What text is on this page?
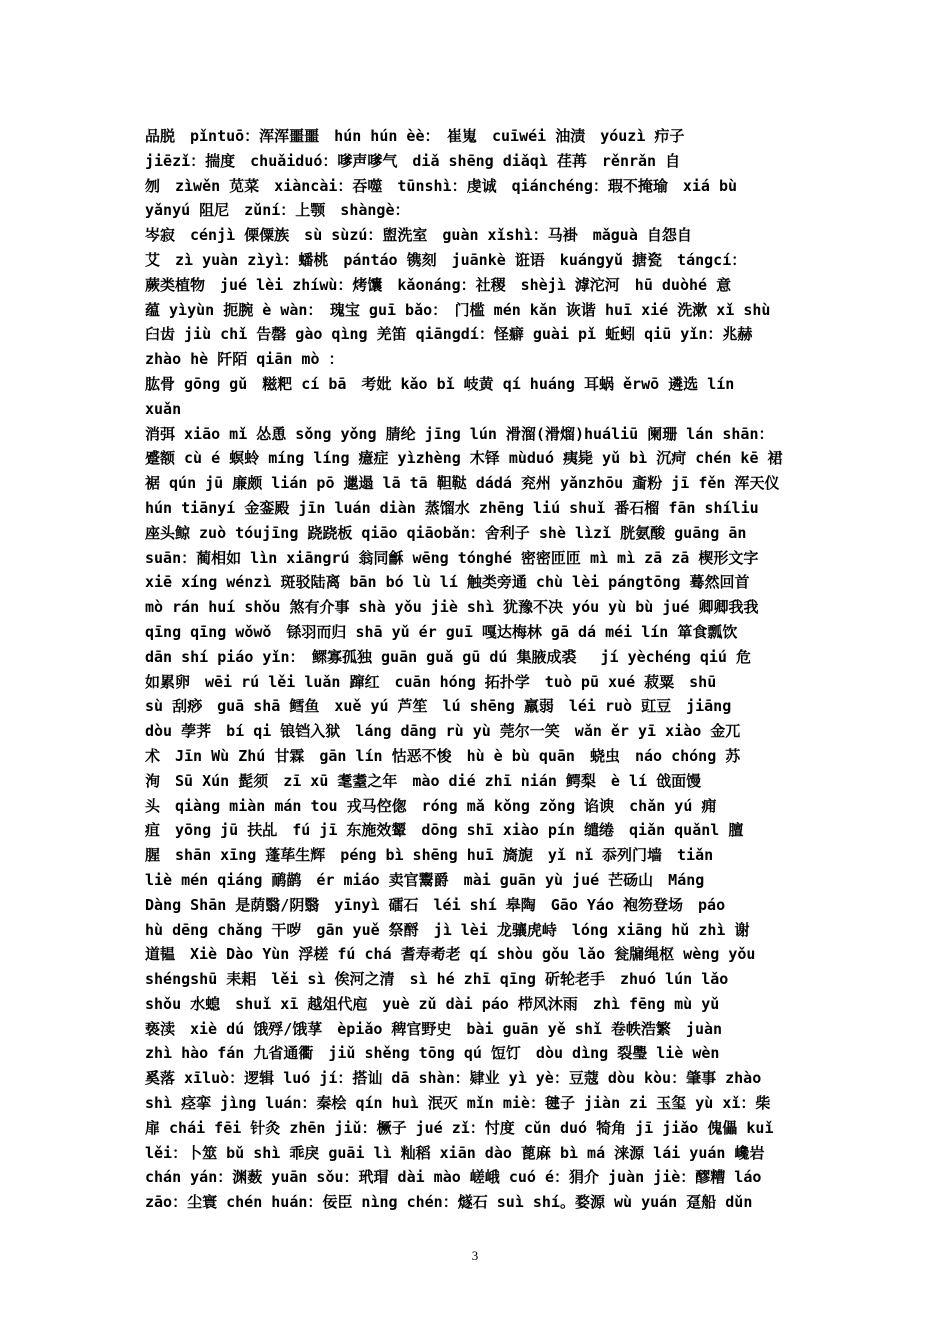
品脱　pǐntuō：浑浑噩噩　hún hún èè：　崔嵬　cuīwéi 油渍　yóuzì 疖子
jiēzǐ：揣度　chuǎiduó：嗲声嗲气　diǎ shēng diǎqì 荏苒　rěnrǎn 自
刎　zìwěn 苋菜　xiàncài：吞噬　tūnshì：虔诚　qiánchéng：瑕不掩瑜　xiá bù
yǎnyú 阻尼　zǔní：上颚　shàngè：
岑寂　cénjì 傈僳族　sù sùzú：盥洗室　guàn xǐshì：马褂　mǎguà 自怨自
艾　zì yuàn zìyì：蟠桃　pántáo 镌刻　juānkè 诳语　kuángyǔ 搪瓷　tángcí：
蕨类植物　jué lèi zhíwù：烤馕　kǎonáng：社稷　shèjì 滹沱河　hū duòhé 意
蕴 yìyùn 扼腕 è wàn：　瑰宝 guī bǎo：　门槛 mén kǎn 诙谐 huī xié 洗漱 xǐ shù
臼齿 jiù chǐ 告罄 gào qìng 羌笛 qiāngdí：怪癖 guài pǐ 蚯蚓 qiū yǐn：兆赫
zhào hè 阡陌 qiān mò ：
肱骨 gōng gǔ　糍粑 cí bā　考妣 kǎo bǐ 岐黄 qí huáng 耳蜗 ěrwō 遴选 lín
xuǎn
消弭 xiāo mǐ 怂恿 sǒng yǒng 腈纶 jīng lún 滑溜(滑熘)huáliū 阑珊 lán shān：
蹙额 cù é 螟蛉 míng líng 癔症 yìzhèng 木铎 mùduó 痍毙 yǔ bì 沉疴 chén kē 裙
裾 qún jū 廉颇 lián pō 邋遢 lā tā 靼鞑 dádá 兖州 yǎnzhōu 齑粉 jī fěn 浑天仪
hún tiānyí 金銮殿 jīn luán diàn 蒸馏水 zhēng liú shuǐ 番石榴 fān shíliu
座头鲸 zuò tóujīng 跷跷板 qiāo qiāobǎn：舍利子 shè lìzǐ 胱氨酸 guāng ān
suān：蔺相如 lìn xiāngrú 翁同龢 wēng tónghé 密密匝匝 mì mì zā zā 楔形文字
xiē xíng wénzì 斑驳陆离 bān bó lù lí 触类旁通 chù lèi pángtōng 蓦然回首
mò rán huí shǒu 煞有介事 shà yǒu jiè shì 犹豫不决 yóu yù bù jué 卿卿我我
qīng qīng wǒwǒ　铩羽而归 shā yǔ ér guī 嘎达梅林 gā dá méi lín 箪食瓢饮
dān shí piáo yǐn：　鳏寡孤独 guān guǎ gū dú 集腋成裘　 jí yèchéng qiú 危
如累卵　wēi rú lěi luǎn 蹿红　cuān hóng 拓扑学　tuò pū xué 菽粟　shū
sù 刮痧　guā shā 鳕鱼　xuě yú 芦笙　lú shēng 羸弱　léi ruò 豇豆　jiāng
dòu 荸荠　bí qi 锒铛入狱　láng dāng rù yù 莞尔一笑　wǎn ěr yī xiào 金兀
术　Jīn Wù Zhú 甘霖　gān lín 怙恶不悛　hù è bù quān　蛲虫　náo chóng 苏
洵　Sū Xún 髭须　zī xū 耄耋之年　mào dié zhī nián 鳄梨　è lí 戗面馒
头　qiàng miàn mán tou 戎马倥偬　róng mǎ kǒng zǒng 谄谀　chǎn yú 痈
疽　yōng jū 扶乩　fú jī 东施效颦　dōng shī xiào pín 缱绻　qiǎn quǎnl 膻
腥　shān xīng 蓬荜生辉　péng bì shēng huī 旖旎　yǐ nǐ 忝列门墙　tiǎn
liè mén qiáng 鸸鹋　ér miáo 卖官鬻爵　mài guān yù jué 芒砀山　Máng
Dàng Shān 是荫翳/阴翳　yīnyì 礌石　léi shí 皋陶　Gāo Yáo 袍笏登场　páo
hù dēng chǎng 干哕　gān yuě 祭酹　jì lèi 龙骧虎峙　lóng xiāng hǔ zhì 谢
道韫　Xiè Dào Yùn 浮槎 fú chá 耆寿耇老 qí shòu gǒu lǎo 瓮牖绳枢 wèng yǒu
shéngshū 耒耜　lěi sì 俟河之清　sì hé zhī qīng 斫轮老手　zhuó lún lǎo
shǒu 水螅　shuǐ xī 越俎代庖　yuè zǔ dài páo 栉风沐雨　zhì fēng mù yǔ
亵渎　xiè dú 饿殍/饿莩　èpiǎo 稗官野史　bài guān yě shǐ 卷帙浩繁　juàn
zhì hào fán 九省通衢　jiǔ shěng tōng qú 饾饤　dòu dìng 裂璺 liè wèn
奚落 xīluò：逻辑 luó jí：搭讪 dā shàn：肄业 yì yè：豆蔻 dòu kòu：肇事 zhào
shì 痉挛 jìng luán：秦桧 qín huì 泯灭 mǐn miè：毽子 jiàn zi 玉玺 yù xǐ：柴
扉 chái fēi 针灸 zhēn jiǔ：橛子 jué zǐ：忖度 cǔn duó 犄角 jī jiǎo 傀儡 kuǐ
lěi：卜筮 bǔ shì 乖戾 guāi lì 籼稻 xiān dào 蓖麻 bì má 涞源 lái yuán 巉岩
chán yán：渊薮 yuān sǒu：玳瑁 dài mào 嵯峨 cuó é：狷介 juàn jiè：醪糟 láo
zāo：尘寰 chén huán：佞臣 nìng chén：燧石 suì shí。婺源 wù yuán 趸船 dǔn
3
